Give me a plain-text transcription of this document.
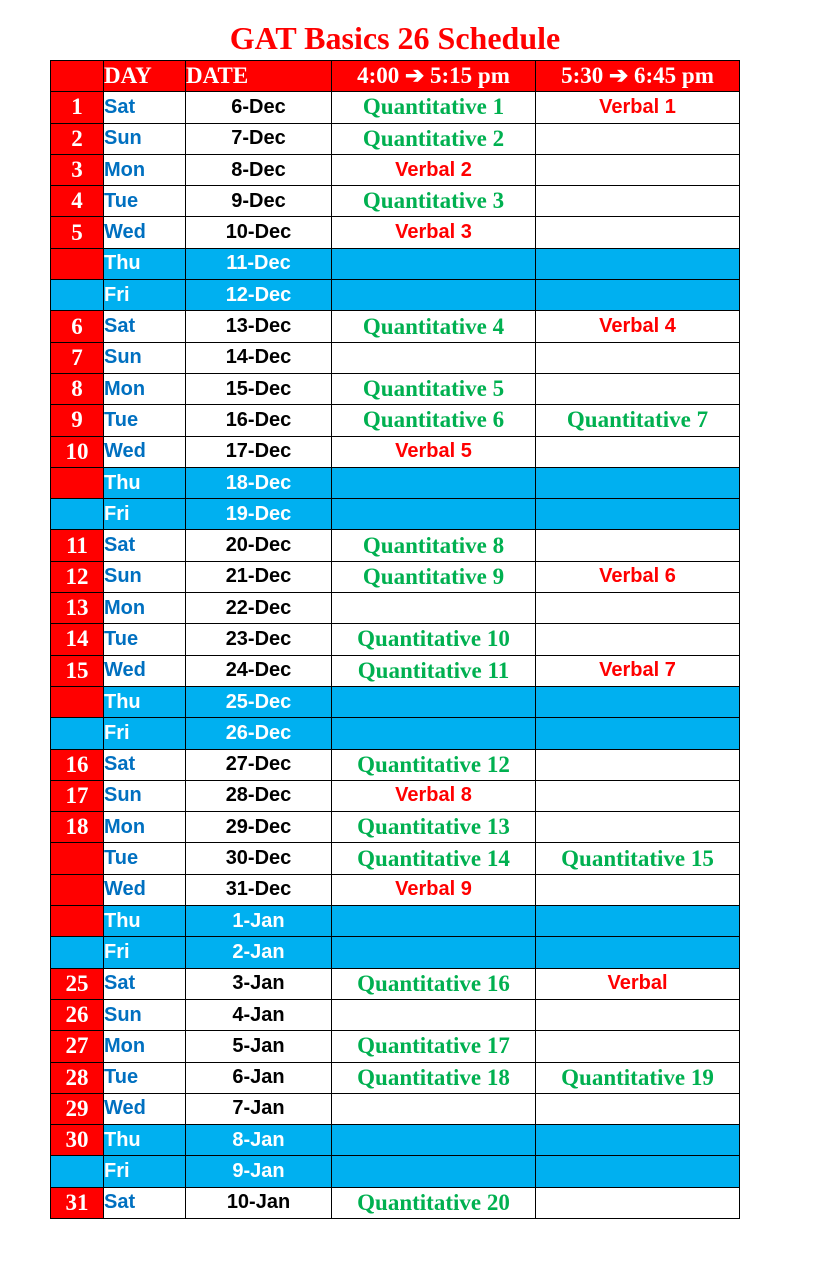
GAT Basics 26 Schedule
	DAY	DATE	4:00 ➔ 5:15 pm	5:30 ➔ 6:45 pm
1	Sat	6-Dec	Quantitative 1	Verbal 1
2	Sun	7-Dec	Quantitative 2	
3	Mon	8-Dec	Verbal 2	
4	Tue	9-Dec	Quantitative 3	
5	Wed	10-Dec	Verbal 3	
	Thu	11-Dec		
	Fri	12-Dec		
6	Sat	13-Dec	Quantitative 4	Verbal 4
7	Sun	14-Dec		
8	Mon	15-Dec	Quantitative 5	
9	Tue	16-Dec	Quantitative 6	Quantitative 7
10	Wed	17-Dec	Verbal 5	
	Thu	18-Dec		
	Fri	19-Dec		
11	Sat	20-Dec	Quantitative 8	
12	Sun	21-Dec	Quantitative 9	Verbal 6
13	Mon	22-Dec		
14	Tue	23-Dec	Quantitative 10	
15	Wed	24-Dec	Quantitative 11	Verbal 7
	Thu	25-Dec		
	Fri	26-Dec		
16	Sat	27-Dec	Quantitative 12	
17	Sun	28-Dec	Verbal 8	
18	Mon	29-Dec	Quantitative 13	
	Tue	30-Dec	Quantitative 14	Quantitative 15
	Wed	31-Dec	Verbal 9	
	Thu	1-Jan		
	Fri	2-Jan		
25	Sat	3-Jan	Quantitative 16	Verbal
26	Sun	4-Jan		
27	Mon	5-Jan	Quantitative 17	
28	Tue	6-Jan	Quantitative 18	Quantitative 19
29	Wed	7-Jan		
30	Thu	8-Jan		
	Fri	9-Jan		
31	Sat	10-Jan	Quantitative 20	
